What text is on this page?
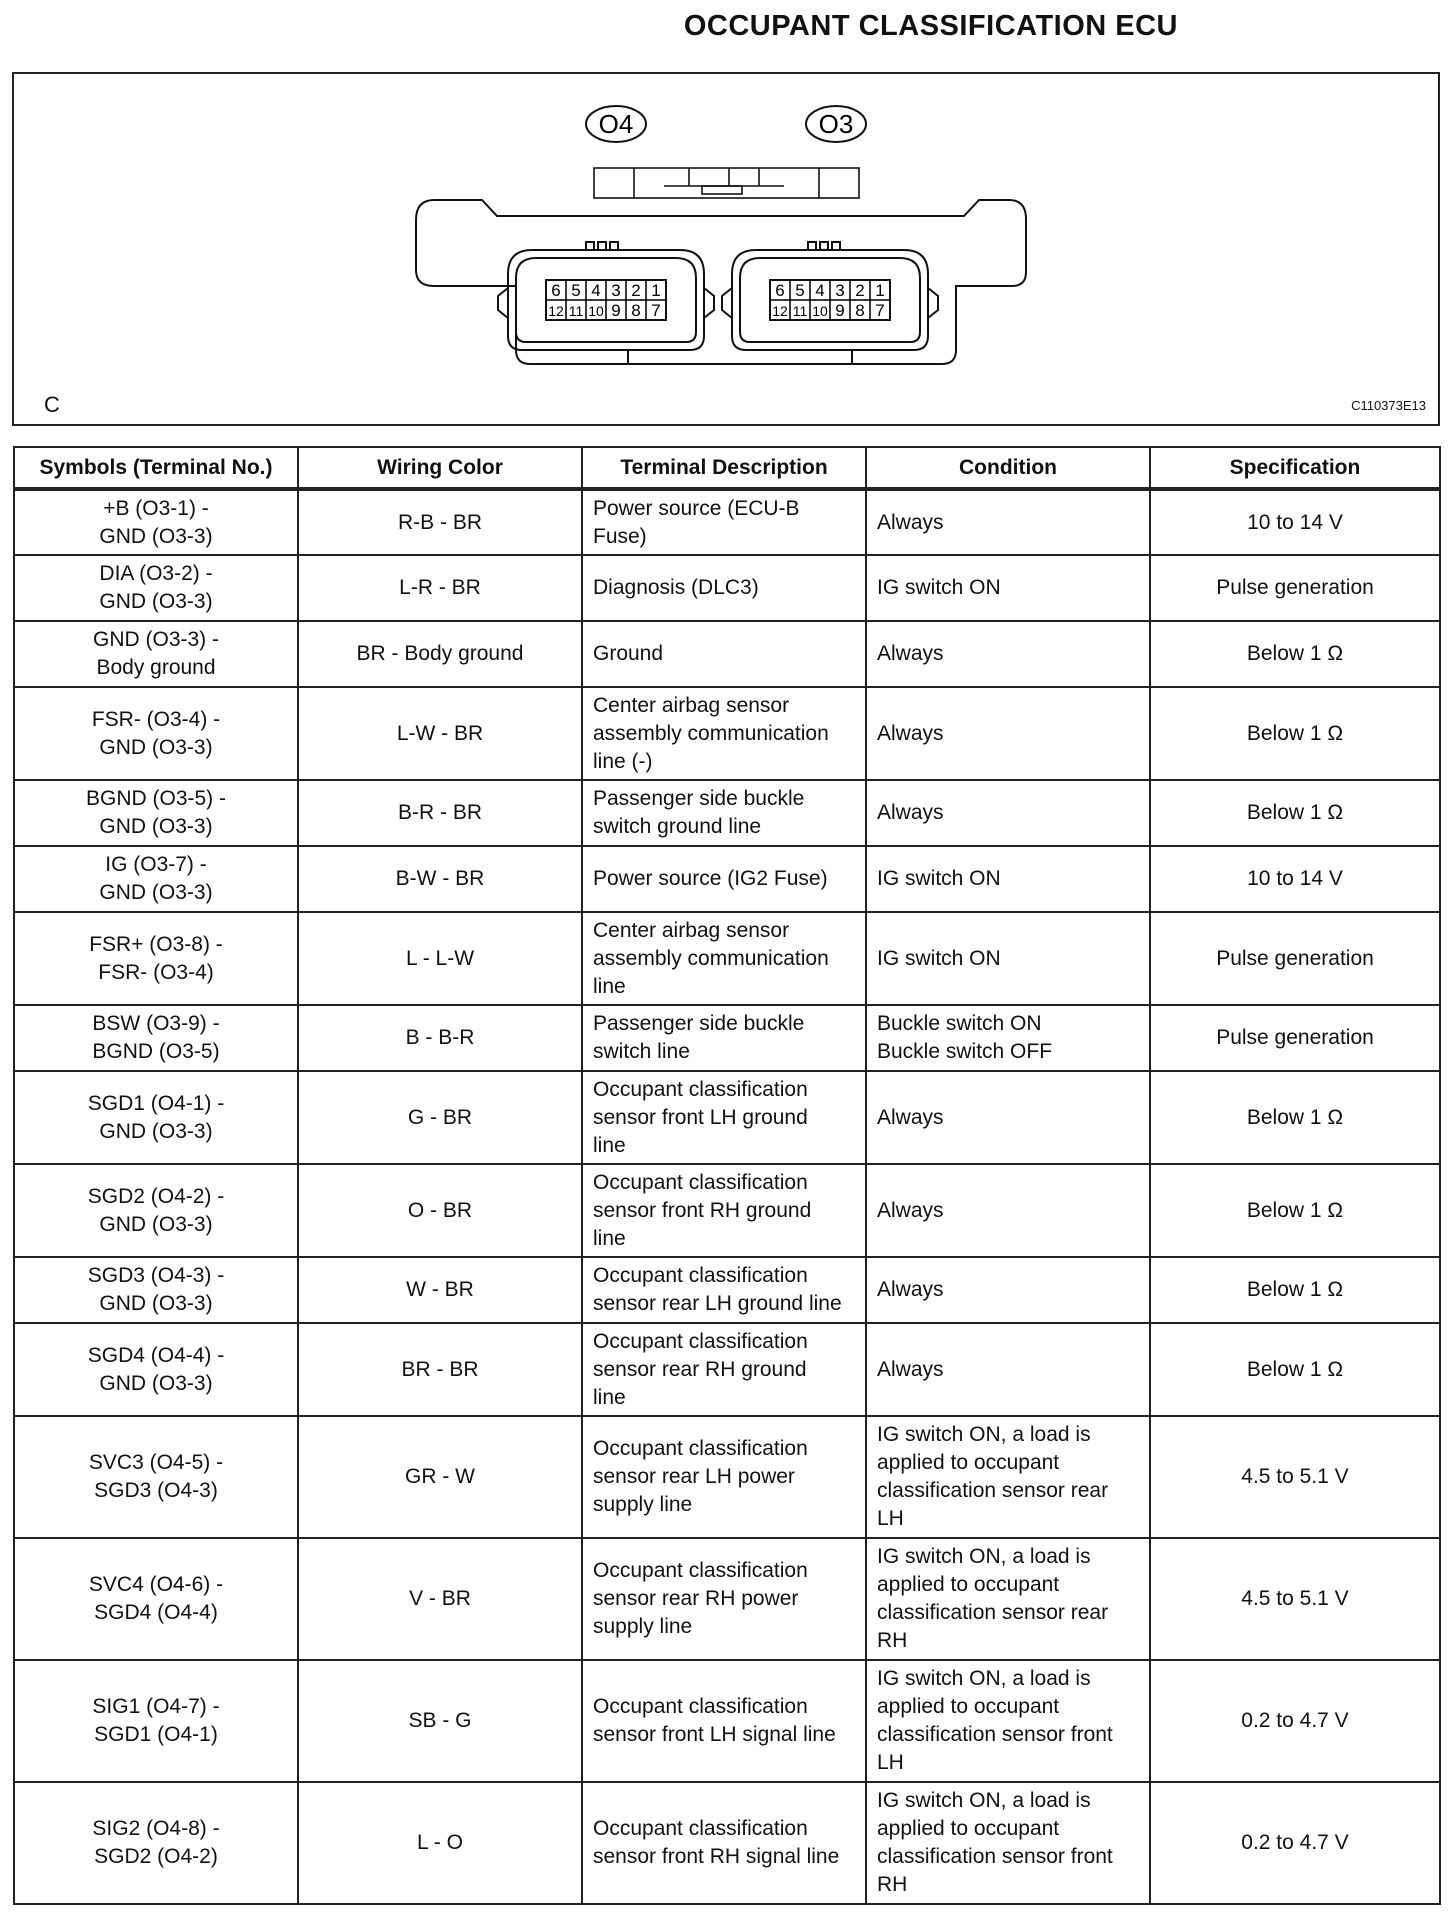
OCCUPANT CLASSIFICATION ECU
O4	O3
6 5 4 3 2 1
12 11 10 9 8 7
6 5 4 3 2 1
12 11 10 9 8 7
C	C110373E13
Symbols (Terminal No.)	Wiring Color	Terminal Description	Condition	Specification

+B (O3-1) -
GND (O3-3)	R-B - BR	Power source (ECU-B
Fuse)	Always	10 to 14 V

DIA (O3-2) -
GND (O3-3)	L-R - BR	Diagnosis (DLC3)	IG switch ON	Pulse generation

GND (O3-3) -
Body ground	BR - Body ground	Ground	Always	Below 1 Ω

FSR- (O3-4) -
GND (O3-3)	L-W - BR	Center airbag sensor
assembly communication
line (-)	Always	Below 1 Ω

BGND (O3-5) -
GND (O3-3)	B-R - BR	Passenger side buckle
switch ground line	Always	Below 1 Ω

IG (O3-7) -
GND (O3-3)	B-W - BR	Power source (IG2 Fuse)	IG switch ON	10 to 14 V

FSR+ (O3-8) -
FSR- (O3-4)	L - L-W	Center airbag sensor
assembly communication
line	IG switch ON	Pulse generation

BSW (O3-9) -
BGND (O3-5)	B - B-R	Passenger side buckle
switch line	Buckle switch ON
Buckle switch OFF	Pulse generation

SGD1 (O4-1) -
GND (O3-3)	G - BR	Occupant classification
sensor front LH ground
line	Always	Below 1 Ω

SGD2 (O4-2) -
GND (O3-3)	O - BR	Occupant classification
sensor front RH ground
line	Always	Below 1 Ω

SGD3 (O4-3) -
GND (O3-3)	W - BR	Occupant classification
sensor rear LH ground line	Always	Below 1 Ω

SGD4 (O4-4) -
GND (O3-3)	BR - BR	Occupant classification
sensor rear RH ground
line	Always	Below 1 Ω

SVC3 (O4-5) -
SGD3 (O4-3)	GR - W	Occupant classification
sensor rear LH power
supply line	IG switch ON, a load is
applied to occupant
classification sensor rear
LH	4.5 to 5.1 V

SVC4 (O4-6) -
SGD4 (O4-4)	V - BR	Occupant classification
sensor rear RH power
supply line	IG switch ON, a load is
applied to occupant
classification sensor rear
RH	4.5 to 5.1 V

SIG1 (O4-7) -
SGD1 (O4-1)	SB - G	Occupant classification
sensor front LH signal line	IG switch ON, a load is
applied to occupant
classification sensor front
LH	0.2 to 4.7 V

SIG2 (O4-8) -
SGD2 (O4-2)	L - O	Occupant classification
sensor front RH signal line	IG switch ON, a load is
applied to occupant
classification sensor front
RH	0.2 to 4.7 V
